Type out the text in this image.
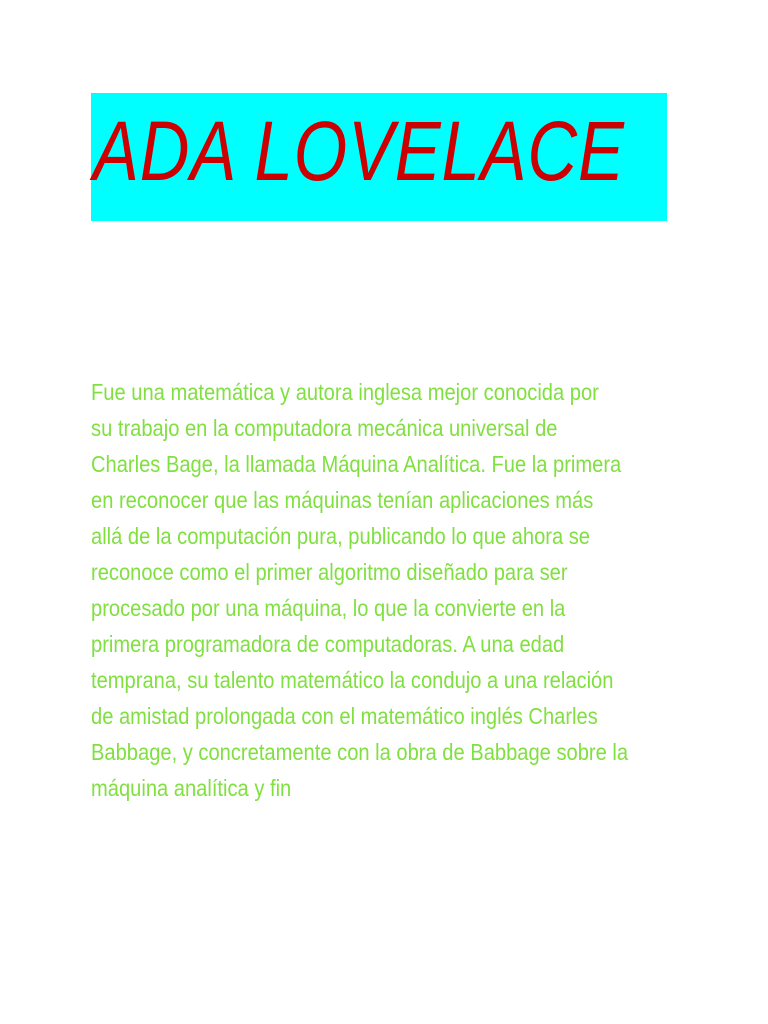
ADA LOVELACE

Fue una matemática y autora inglesa mejor conocida por
su trabajo en la computadora mecánica universal de
Charles Bage, la llamada Máquina Analítica. Fue la primera
en reconocer que las máquinas tenían aplicaciones más
allá de la computación pura, publicando lo que ahora se
reconoce como el primer algoritmo diseñado para ser
procesado por una máquina, lo que la convierte en la
primera programadora de computadoras. A una edad
temprana, su talento matemático la condujo a una relación
de amistad prolongada con el matemático inglés Charles
Babbage, y concretamente con la obra de Babbage sobre la
máquina analítica y fin
